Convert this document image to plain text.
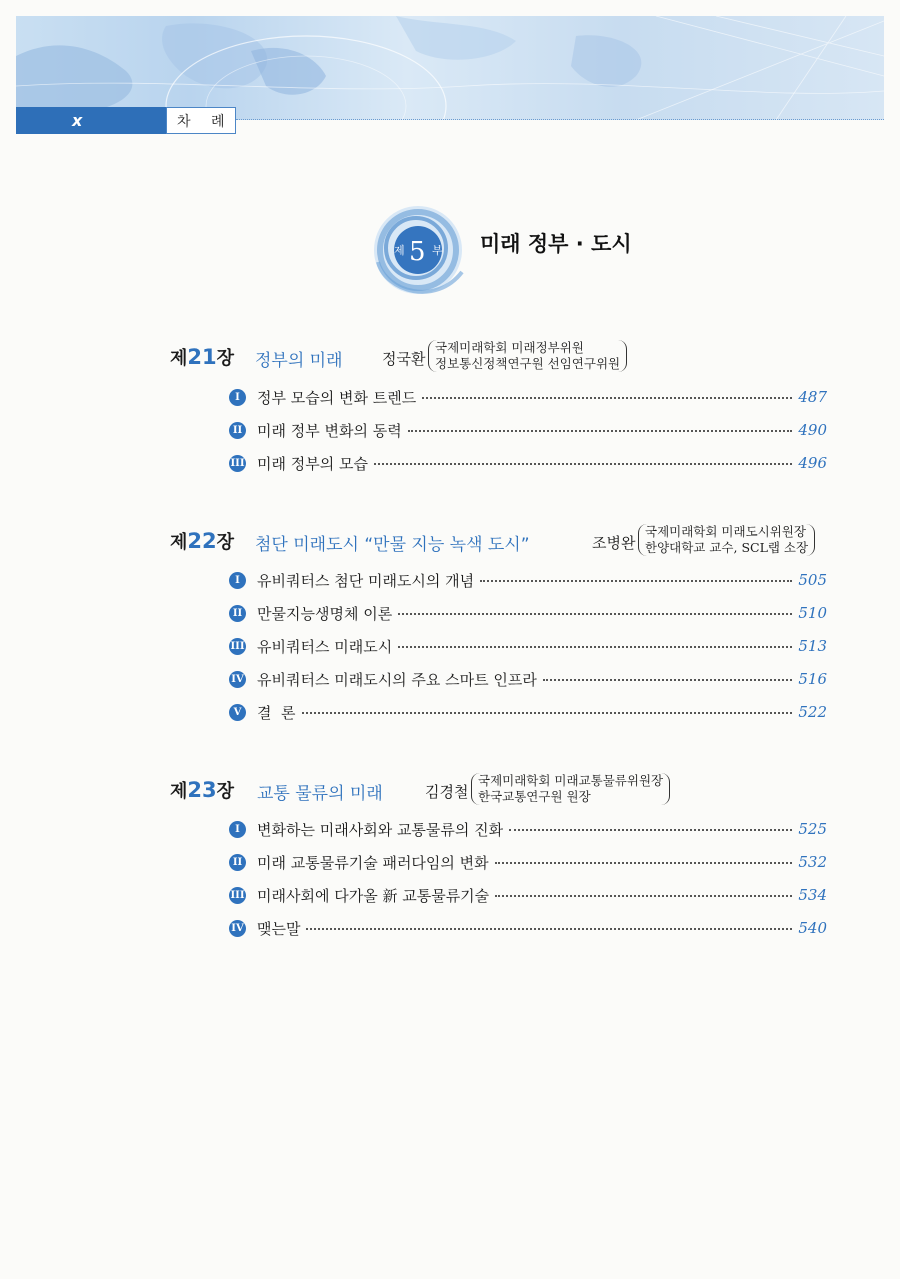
x	차 례
제 5 부 미래 정부 · 도시
제21장 정부의 미래	정국환
국제미래학회 미래정부위원
정보통신정책연구원 선임연구위원
I	정부 모습의 변화 트렌드	487
II 미래 정부 변화의 동력	490
III 미래 정부의 모습	496
제22장 첨단 미래도시 “만물 지능 녹색 도시”	조병완
국제미래학회 미래도시위원장
한양대학교 교수, SCL랩 소장
I	유비쿼터스 첨단 미래도시의 개념	505
II 만물지능생명체 이론	510
III 유비쿼터스 미래도시	513
IV 유비쿼터스 미래도시의 주요 스마트 인프라	516
V	결  론	522
제23장 교통 물류의 미래	김경철
국제미래학회 미래교통물류위원장
한국교통연구원 원장
I	변화하는 미래사회와 교통물류의 진화	525
II 미래 교통물류기술 패러다임의 변화	532
III 미래사회에 다가올 新 교통물류기술	534
IV 맺는말	540
